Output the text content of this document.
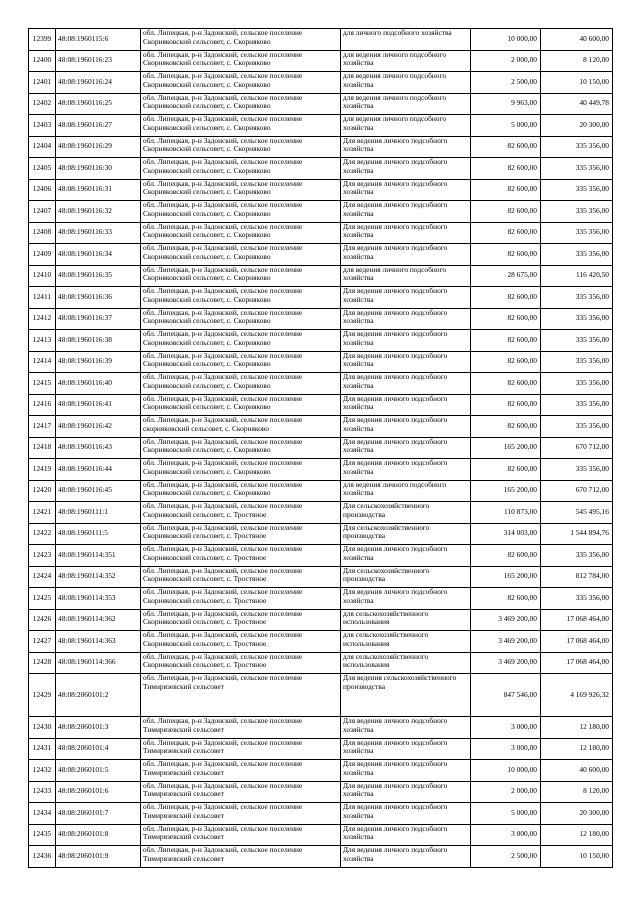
12399	48:08:1960115:6	обл. Липецкая, р-н Задонский, сельское поселение Скорняковский сельсовет, с. Скорняково	для личного подсобного хозяйства	10 000,00	40 600,00
12400	48:08:1960116:23	обл. Липецкая, р-н Задонский, сельское поселение Скорняковский сельсовет, с. Скорняково	для ведения личного подсобного хозяйства	2 000,00	8 120,00
12401	48:08:1960116:24	обл. Липецкая, р-н Задонский, сельское поселение Скорняковский сельсовет, с. Скорняково	для ведения личного подсобного хозяйства	2 500,00	10 150,00
12402	48:08:1960116:25	обл. Липецкая, р-н Задонский, сельское поселение Скорняковский сельсовет, с. Скорняково	для ведения личного подсобного хозяйства	9 963,00	40 449,78
12403	48:08:1960116:27	обл. Липецкая, р-н Задонский, сельское поселение Скорняковский сельсовет, с. Скорняково	для ведения личного подсобного хозяйства	5 000,00	20 300,00
12404	48:08:1960116:29	обл. Липецкая, р-н Задонский, сельское поселение Скорняковский сельсовет, с. Скорняково	Для ведения личного подсобного хозяйства	82 600,00	335 356,00
12405	48:08:1960116:30	обл. Липецкая, р-н Задонский, сельское поселение Скорняковский сельсовет, с. Скорняково	Для ведения личного подсобного хозяйства	82 600,00	335 356,00
12406	48:08:1960116:31	обл. Липецкая, р-н Задонский, сельское поселение Скорняковский сельсовет, с. Скорняково	Для ведения личного подсобного хозяйства	82 600,00	335 356,00
12407	48:08:1960116:32	обл. Липецкая, р-н Задонский, сельское поселение Скорняковский сельсовет, с. Скорняково	Для ведения личного подсобного хозяйства	82 600,00	335 356,00
12408	48:08:1960116:33	обл. Липецкая, р-н Задонский, сельское поселение Скорняковский сельсовет, с. Скорняково	Для ведения личного подсобного хозяйства	82 600,00	335 356,00
12409	48:08:1960116:34	обл. Липецкая, р-н Задонский, сельское поселение Скорняковский сельсовет, с. Скорняково	Для ведения личного подсобного хозяйства	82 600,00	335 356,00
12410	48:08:1960116:35	обл. Липецкая, р-н Задонский, сельское поселение Скорняковский сельсовет, с. Скорняково	для ведения личного подсобного хозяйства	28 675,00	116 420,50
12411	48:08:1960116:36	обл. Липецкая, р-н Задонский, сельское поселение Скорняковский сельсовет, с. Скорняково	Для ведения личного подсобного хозяйства	82 600,00	335 356,00
12412	48:08:1960116:37	обл. Липецкая, р-н Задонский, сельское поселение Скорняковский сельсовет, с. Скорняково	Для ведения личного подсобного хозяйства	82 600,00	335 356,00
12413	48:08:1960116:38	обл. Липецкая, р-н Задонский, сельское поселение Скорняковский сельсовет, с. Скорняково	Для ведения личного подсобного хозяйства	82 600,00	335 356,00
12414	48:08:1960116:39	обл. Липецкая, р-н Задонский, сельское поселение Скорняковский сельсовет, с. Скорняково	Для ведения личного подсобного хозяйства	82 600,00	335 356,00
12415	48:08:1960116:40	обл. Липецкая, р-н Задонский, сельское поселение Скорняковский сельсовет, с. Скорняково	Для ведения личного подсобного хозяйства	82 600,00	335 356,00
12416	48:08:1960116:41	обл. Липецкая, р-н Задонский, сельское поселение Скорняковский сельсовет, с. Скорняково	Для ведения личного подсобного хозяйства	82 600,00	335 356,00
12417	48:08:1960116:42	обл. Липецкая, р-н Задонский, сельское поселение скорняковский сельсовет, с. Скорняково	Для ведения личного подсобного хозяйства	82 600,00	335 356,00
12418	48:08:1960116:43	обл. Липецкая, р-н Задонский, сельское поселение Скорняковский сельсовет, с. Скорняково	Для ведения личного подсобного хозяйства	165 200,00	670 712,00
12419	48:08:1960116:44	обл. Липецкая, р-н Задонский, сельское поселение Скорняковский сельсовет, с. Скорняково	Для ведения личного подсобного хозяйства	82 600,00	335 356,00
12420	48:08:1960116:45	обл. Липецкая, р-н Задонский, сельское поселение Скорняковский сельсовет, с. Скорняково	для ведения личного подсобного хозяйства	165 200,00	670 712,00
12421	48:08:1960111:1	обл. Липецкая, р-н Задонский, сельское поселение Скорняковский сельсовет, с. Тростяное	Для сельскохозяйственного производства	110 873,00	545 495,16
12422	48:08:1960111:5	обл. Липецкая, р-н Задонский, сельское поселение Скорняковский сельсовет, с. Тростяное	Для сельскохозяйственного производства	314 003,00	1 544 894,76
12423	48:08:1960114:351	обл. Липецкая, р-н Задонский, сельское поселение Скорняковский сельсовет, с. Тростяное	Для ведения личного подсобного хозяйства	82 600,00	335 356,00
12424	48:08:1960114:352	обл. Липецкая, р-н Задонский, сельское поселение Скорняковский сельсовет, с. Тростяное	Для сельскохозяйственного производства	165 200,00	812 784,00
12425	48:08:1960114:353	обл. Липецкая, р-н Задонский, сельское поселение Скорняковский сельсовет, с. Тростяное	Для ведения личного подсобного хозяйства	82 600,00	335 356,00
12426	48:08:1960114:362	обл. Липецкая, р-н Задонский, сельское поселение Скорняковский сельсовет, с. Тростяное	для сельскохозяйственного использования	3 469 200,00	17 068 464,00
12427	48:08:1960114:363	обл. Липецкая, р-н Задонский, сельское поселение Скорняковский сельсовет, с. Тростяное	для сельскохозяйственного использования	3 469 200,00	17 068 464,00
12428	48:08:1960114:366	обл. Липецкая, р-н Задонский, сельское поселение Скорняковский сельсовет, с. Тростяное	для сельскохозяйственного использования	3 469 200,00	17 068 464,00
12429	48:08:2060101:2	обл. Липецкая, р-н Задонский, сельское поселение Тимирязевский сельсовет	Для ведения сельскохозяйственного производства	847 546,00	4 169 926,32
12430	48:08:2060101:3	обл. Липецкая, р-н Задонский, сельское поселение Тимирязевский сельсовет	Для ведения личного подсобного хозяйства	3 000,00	12 180,00
12431	48:08:2060101:4	обл. Липецкая, р-н Задонский, сельское поселение Тимирязевский сельсовет	Для ведения личного подсобного хозяйства	3 000,00	12 180,00
12432	48:08:2060101:5	обл. Липецкая, р-н Задонский, сельское поселение Тимирязевский сельсовет	Для ведения личного подсобного хозяйства	10 000,00	40 600,00
12433	48:08:2060101:6	обл. Липецкая, р-н Задонский, сельское поселение Тимирязевский сельсовет	Для ведения личного подсобного хозяйства	2 000,00	8 120,00
12434	48:08:2060101:7	обл. Липецкая, р-н Задонский, сельское поселение Тимирязевский сельсовет	Для ведения личного подсобного хозяйства	5 000,00	20 300,00
12435	48:08:2060101:8	обл. Липецкая, р-н Задонский, сельское поселение Тимирязевский сельсовет	Для ведения личного подсобного хозяйства	3 000,00	12 180,00
12436	48:08:2060101:9	обл. Липецкая, р-н Задонский, сельское поселение Тимирязевский сельсовет	Для ведения личного подсобного хозяйства	2 500,00	10 150,00
